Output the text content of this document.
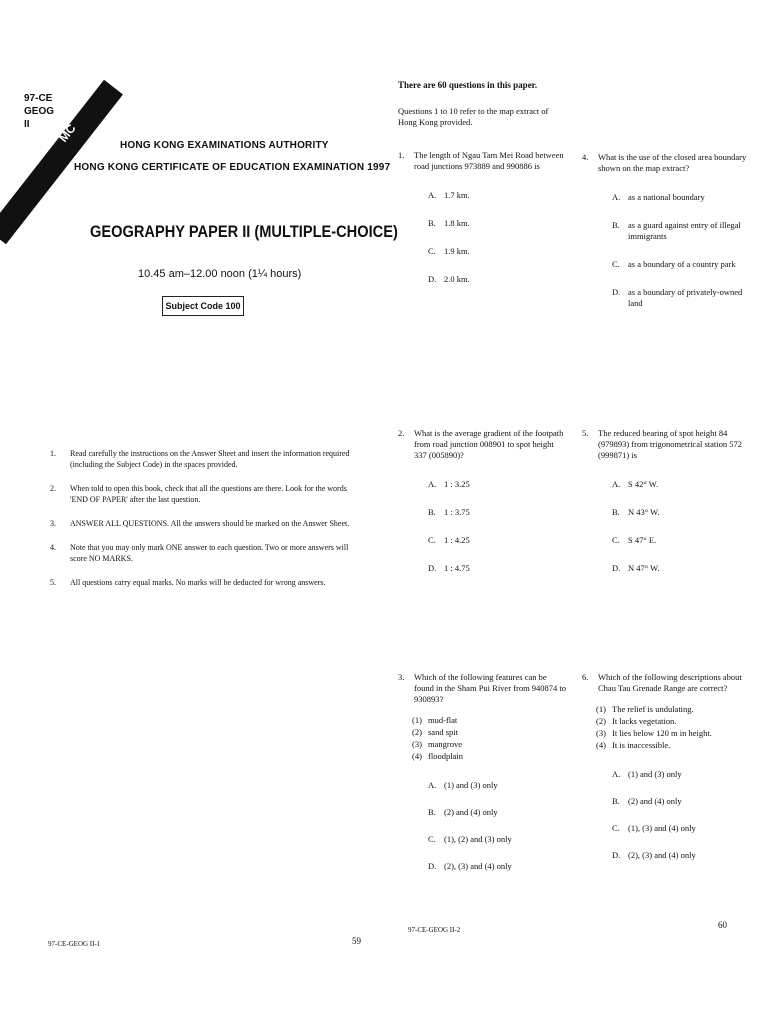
97-CE
GEOG
II	MC
HONG KONG EXAMINATIONS AUTHORITY
HONG KONG CERTIFICATE OF EDUCATION EXAMINATION 1997
GEOGRAPHY PAPER II (MULTIPLE-CHOICE)
10.45 am–12.00 noon (1¼ hours)
Subject Code 100
1.	Read carefully the instructions on the Answer Sheet and insert the information required (including the Subject Code) in the spaces provided.
2.	When told to open this book, check that all the questions are there. Look for the words 'END OF PAPER' after the last question.
3.	ANSWER ALL QUESTIONS. All the answers should be marked on the Answer Sheet.
4.	Note that you may only mark ONE answer to each question. Two or more answers will score NO MARKS.
5.	All questions carry equal marks. No marks will be deducted for wrong answers.
97-CE-GEOG II-1	59
There are 60 questions in this paper.
Questions 1 to 10 refer to the map extract of Hong Kong provided.
1.	The length of Ngau Tam Mei Road between road junctions 973889 and 990886 is
A. 1.7 km.
B. 1.8 km.
C. 1.9 km.
D. 2.0 km.
2.	What is the average gradient of the footpath from road junction 008901 to spot height 337 (005890)?
A. 1 : 3.25
B. 1 : 3.75
C. 1 : 4.25
D. 1 : 4.75
3.	Which of the following features can be found in the Sham Pui River from 940874 to 930893?
(1) mud-flat
(2) sand spit
(3) mangrove
(4) floodplain
A. (1) and (3) only
B. (2) and (4) only
C. (1), (2) and (3) only
D. (2), (3) and (4) only
4.	What is the use of the closed area boundary shown on the map extract?
A. as a national boundary
B. as a guard against entry of illegal immigrants
C. as a boundary of a country park
D. as a boundary of privately-owned land
5.	The reduced bearing of spot height 84 (979893) from trigonometrical station 572 (999871) is
A. S 42° W.
B. N 43° W.
C. S 47° E.
D. N 47° W.
6.	Which of the following descriptions about Chau Tau Grenade Range are correct?
(1) The relief is undulating.
(2) It lacks vegetation.
(3) It lies below 120 m in height.
(4) It is inaccessible.
A. (1) and (3) only
B. (2) and (4) only
C. (1), (3) and (4) only
D. (2), (3) and (4) only
97-CE-GEOG II-2	60
